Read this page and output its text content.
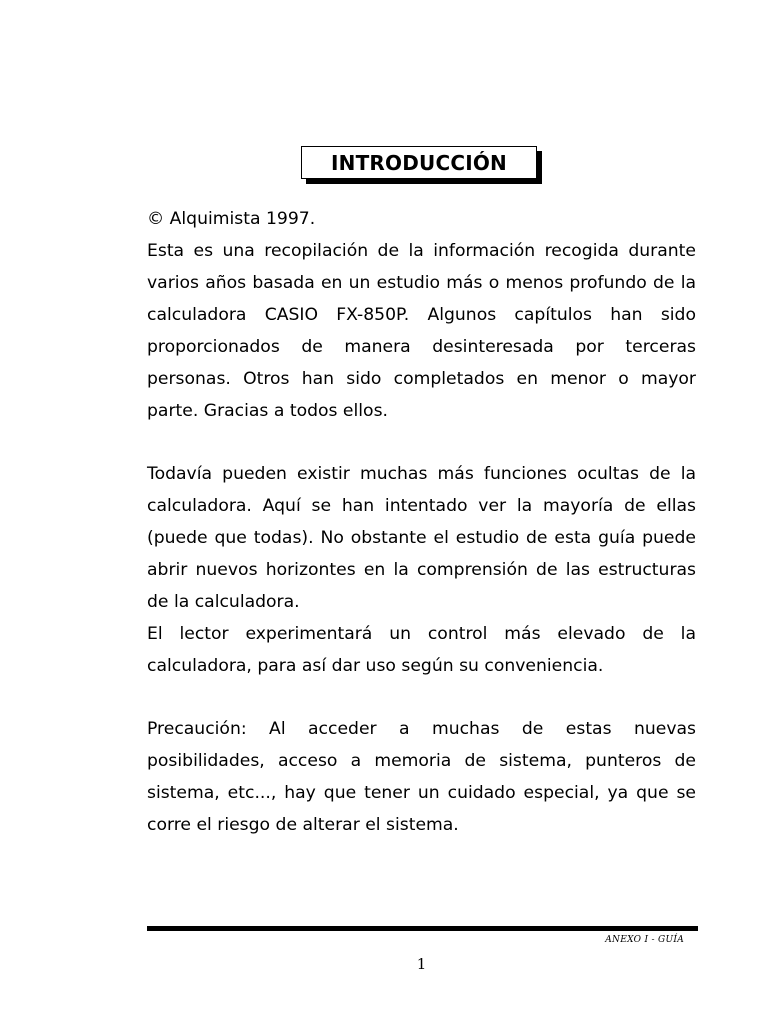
INTRODUCCIÓN

© Alquimista 1997.

Esta es una recopilación de la información recogida durante varios años basada en un estudio más o menos profundo de la calculadora CASIO FX-850P. Algunos capítulos han sido proporcionados de manera desinteresada por terceras personas. Otros han sido completados en menor o mayor parte. Gracias a todos ellos.

Todavía pueden existir muchas más funciones ocultas de la calculadora. Aquí se han intentado ver la mayoría de ellas (puede que todas). No obstante el estudio de esta guía puede abrir nuevos horizontes en la comprensión de las estructuras de la calculadora.

El lector experimentará un control más elevado de la calculadora, para así dar uso según su conveniencia.

Precaución: Al acceder a muchas de estas nuevas posibilidades, acceso a memoria de sistema, punteros de sistema, etc..., hay que tener un cuidado especial, ya que se corre el riesgo de alterar el sistema.

ANEXO I - GUÍA
1
